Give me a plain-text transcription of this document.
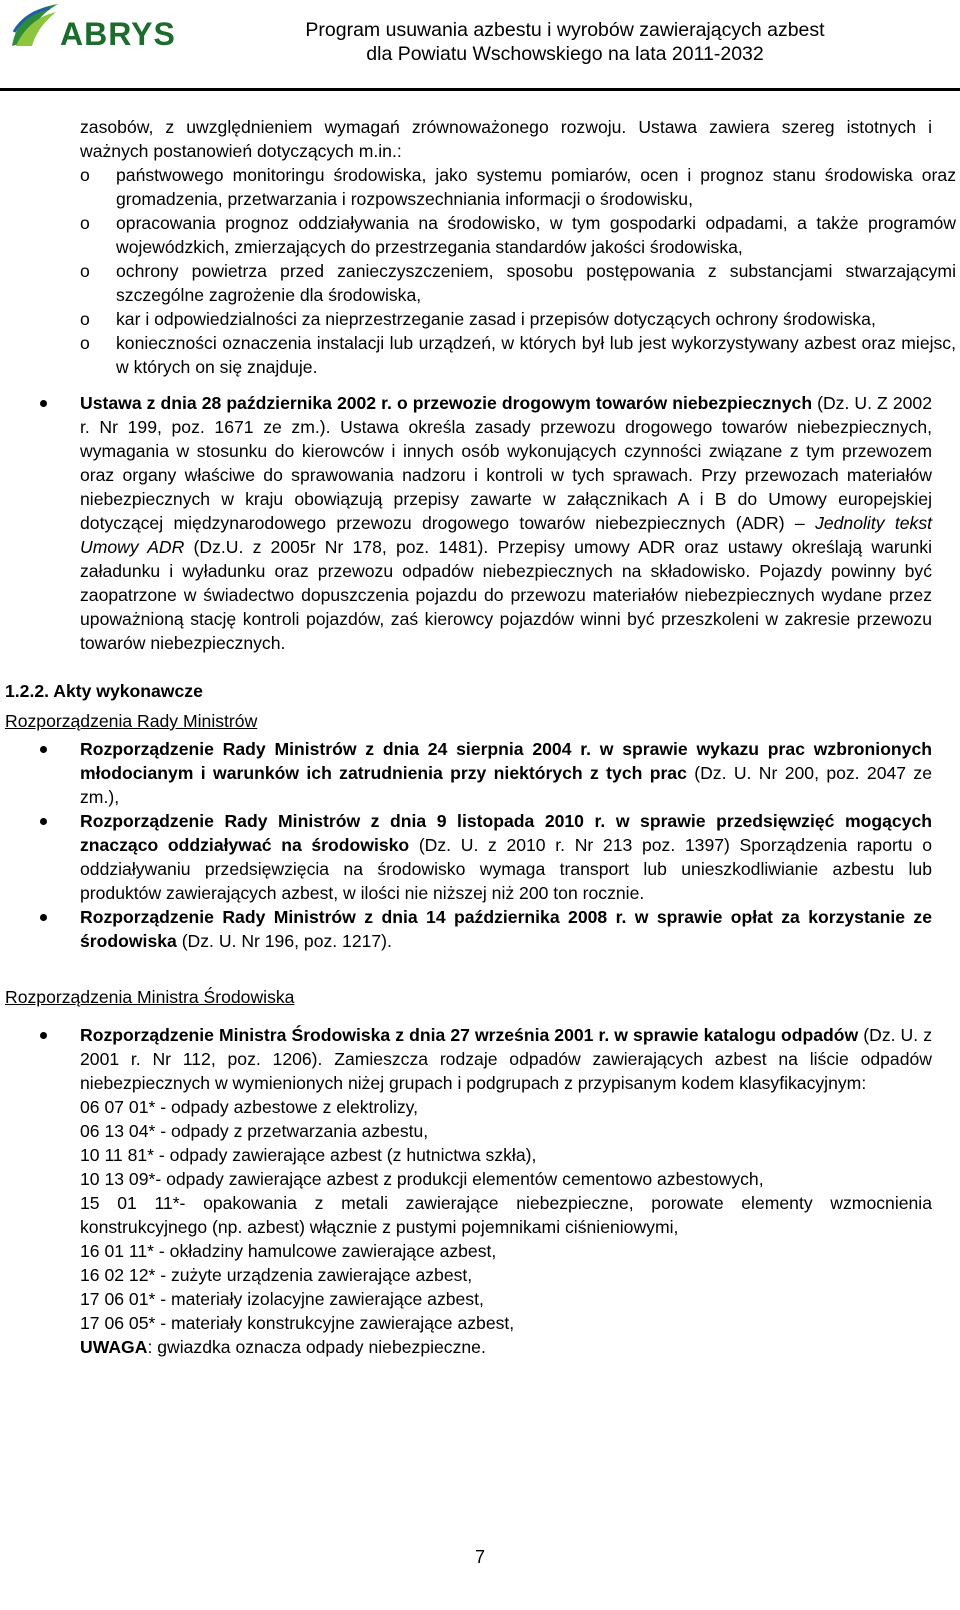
ABRYS	Program usuwania azbestu i wyrobów zawierających azbest
dla Powiatu Wschowskiego na lata 2011-2032

zasobów, z uwzględnieniem wymagań zrównoważonego rozwoju. Ustawa zawiera szereg istotnych i ważnych postanowień dotyczących m.in.:

o państwowego monitoringu środowiska, jako systemu pomiarów, ocen i prognoz stanu środowiska oraz gromadzenia, przetwarzania i rozpowszechniania informacji o środowisku,
o opracowania prognoz oddziaływania na środowisko, w tym gospodarki odpadami, a także programów wojewódzkich, zmierzających do przestrzegania standardów jakości środowiska,
o ochrony powietrza przed zanieczyszczeniem, sposobu postępowania z substancjami stwarzającymi szczególne zagrożenie dla środowiska,
o kar i odpowiedzialności za nieprzestrzeganie zasad i przepisów dotyczących ochrony środowiska,
o konieczności oznaczenia instalacji lub urządzeń, w których był lub jest wykorzystywany azbest oraz miejsc, w których on się znajduje.
Ustawa z dnia 28 października 2002 r. o przewozie drogowym towarów niebezpiecznych (Dz. U. Z 2002 r. Nr 199, poz. 1671 ze zm.). Ustawa określa zasady przewozu drogowego towarów niebezpiecznych, wymagania w stosunku do kierowców i innych osób wykonujących czynności związane z tym przewozem oraz organy właściwe do sprawowania nadzoru i kontroli w tych sprawach. Przy przewozach materiałów niebezpiecznych w kraju obowiązują przepisy zawarte w załącznikach A i B do Umowy europejskiej dotyczącej międzynarodowego przewozu drogowego towarów niebezpiecznych (ADR) – Jednolity tekst Umowy ADR (Dz.U. z 2005r Nr 178, poz. 1481). Przepisy umowy ADR oraz ustawy określają warunki załadunku i wyładunku oraz przewozu odpadów niebezpiecznych na składowisko. Pojazdy powinny być zaopatrzone w świadectwo dopuszczenia pojazdu do przewozu materiałów niebezpiecznych wydane przez upoważnioną stację kontroli pojazdów, zaś kierowcy pojazdów winni być przeszkoleni w zakresie przewozu towarów niebezpiecznych.
1.2.2. Akty wykonawcze
Rozporządzenia Rady Ministrów
Rozporządzenie Rady Ministrów z dnia 24 sierpnia 2004 r. w sprawie wykazu prac wzbronionych młodocianym i warunków ich zatrudnienia przy niektórych z tych prac (Dz. U. Nr 200, poz. 2047 ze zm.),
Rozporządzenie Rady Ministrów z dnia 9 listopada 2010 r. w sprawie przedsięwzięć mogących znacząco oddziaływać na środowisko (Dz. U. z 2010 r. Nr 213 poz. 1397) Sporządzenia raportu o oddziaływaniu przedsięwzięcia na środowisko wymaga transport lub unieszkodliwianie azbestu lub produktów zawierających azbest, w ilości nie niższej niż 200 ton rocznie.
Rozporządzenie Rady Ministrów z dnia 14 października 2008 r. w sprawie opłat za korzystanie ze środowiska (Dz. U. Nr 196, poz. 1217).
Rozporządzenia Ministra Środowiska
Rozporządzenie Ministra Środowiska z dnia 27 września 2001 r. w sprawie katalogu odpadów (Dz. U. z 2001 r. Nr 112, poz. 1206). Zamieszcza rodzaje odpadów zawierających azbest na liście odpadów niebezpiecznych w wymienionych niżej grupach i podgrupach z przypisanym kodem klasyfikacyjnym:
06 07 01* - odpady azbestowe z elektrolizy,
06 13 04* - odpady z przetwarzania azbestu,
10 11 81* - odpady zawierające azbest (z hutnictwa szkła),
10 13 09*- odpady zawierające azbest z produkcji elementów cementowo azbestowych,
15 01 11*- opakowania z metali zawierające niebezpieczne, porowate elementy wzmocnienia konstrukcyjnego (np. azbest) włącznie z pustymi pojemnikami ciśnieniowymi,
16 01 11* - okładziny hamulcowe zawierające azbest,
16 02 12* - zużyte urządzenia zawierające azbest,
17 06 01* - materiały izolacyjne zawierające azbest,
17 06 05* - materiały konstrukcyjne zawierające azbest,
UWAGA: gwiazdka oznacza odpady niebezpieczne.
7
